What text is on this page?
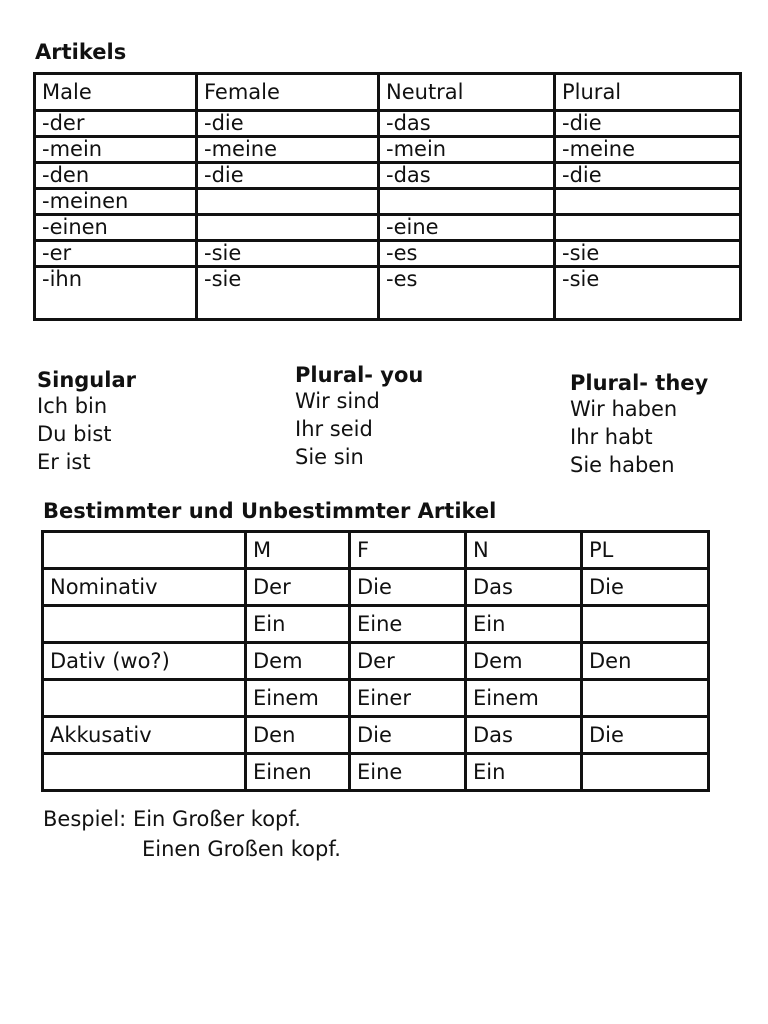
Artikels
Male	Female	Neutral	Plural
-der	-die	-das	-die
-mein	-meine	-mein	-meine
-den	-die	-das	-die
-meinen			
-einen		-eine	
-er	-sie	-es	-sie
-ihn	-sie	-es	-sie
Singular
Ich bin
Du bist
Er ist
Plural- you
Wir sind
Ihr seid
Sie sin
Plural- they
Wir haben
Ihr habt
Sie haben
Bestimmter und Unbestimmter Artikel
	M	F	N	PL
Nominativ	Der	Die	Das	Die
	Ein	Eine	Ein	
Dativ (wo?)	Dem	Der	Dem	Den
	Einem	Einer	Einem	
Akkusativ	Den	Die	Das	Die
	Einen	Eine	Ein	
Bespiel: Ein Großer kopf.
Einen Großen kopf.
